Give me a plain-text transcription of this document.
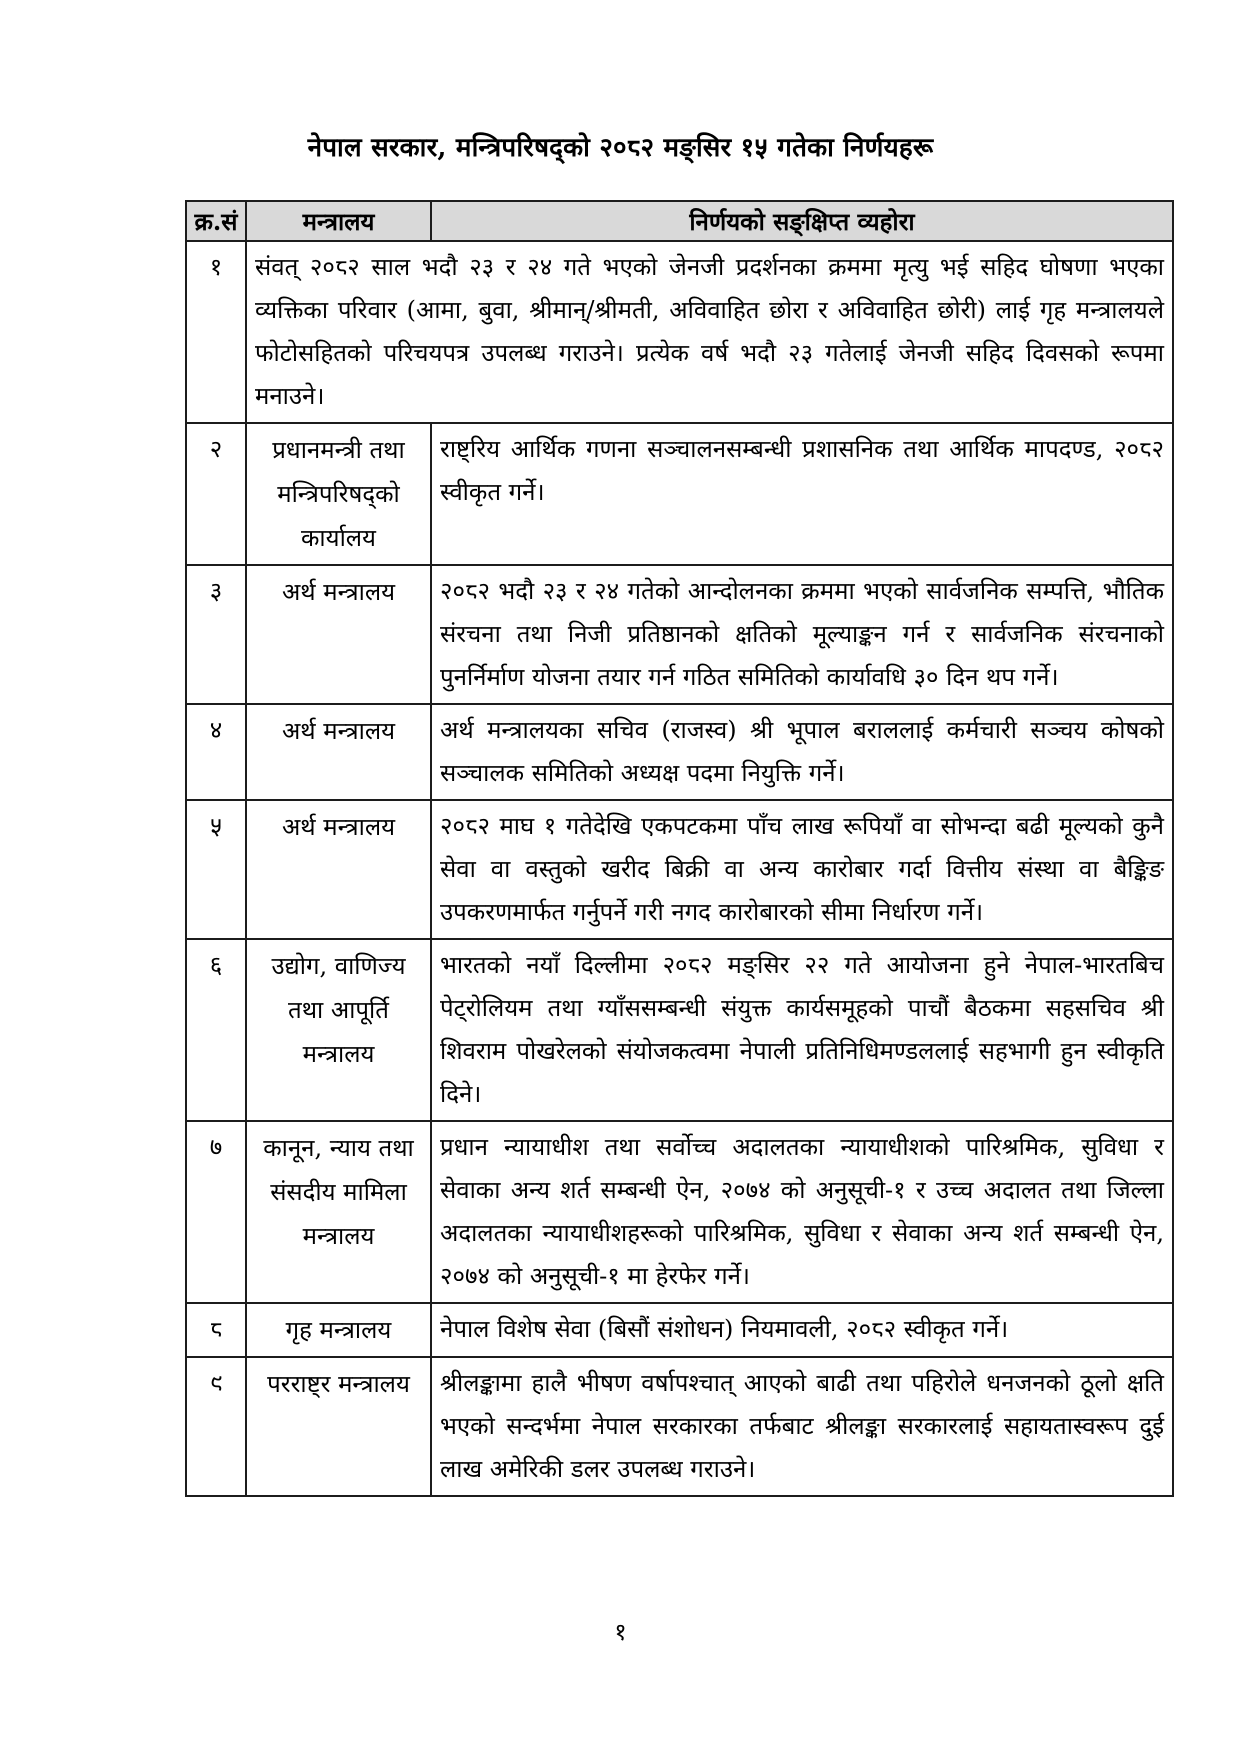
नेपाल सरकार, मन्त्रिपरिषद्को २०८२ मङ्सिर १५ गतेका निर्णयहरू
क्र.सं	मन्त्रालय	निर्णयको सङ्क्षिप्त व्यहोरा
१	संवत् २०८२ साल भदौ २३ र २४ गते भएको जेनजी प्रदर्शनका क्रममा मृत्यु भई सहिद घोषणा भएका व्यक्तिका परिवार (आमा, बुवा, श्रीमान्/श्रीमती, अविवाहित छोरा र अविवाहित छोरी) लाई गृह मन्त्रालयले फोटोसहितको परिचयपत्र उपलब्ध गराउने। प्रत्येक वर्ष भदौ २३ गतेलाई जेनजी सहिद दिवसको रूपमा मनाउने।	
२	प्रधानमन्त्री तथा मन्त्रिपरिषद्को कार्यालय	राष्ट्रिय आर्थिक गणना सञ्चालनसम्बन्धी प्रशासनिक तथा आर्थिक मापदण्ड, २०८२ स्वीकृत गर्ने।
३	अर्थ मन्त्रालय	२०८२ भदौ २३ र २४ गतेको आन्दोलनका क्रममा भएको सार्वजनिक सम्पत्ति, भौतिक संरचना तथा निजी प्रतिष्ठानको क्षतिको मूल्याङ्कन गर्न र सार्वजनिक संरचनाको पुनर्निर्माण योजना तयार गर्न गठित समितिको कार्यावधि ३० दिन थप गर्ने।
४	अर्थ मन्त्रालय	अर्थ मन्त्रालयका सचिव (राजस्व) श्री भूपाल बराललाई कर्मचारी सञ्चय कोषको सञ्चालक समितिको अध्यक्ष पदमा नियुक्ति गर्ने।
५	अर्थ मन्त्रालय	२०८२ माघ १ गतेदेखि एकपटकमा पाँच लाख रूपियाँ वा सोभन्दा बढी मूल्यको कुनै सेवा वा वस्तुको खरीद बिक्री वा अन्य कारोबार गर्दा वित्तीय संस्था वा बैङ्किङ उपकरणमार्फत गर्नुपर्ने गरी नगद कारोबारको सीमा निर्धारण गर्ने।
६	उद्योग, वाणिज्य तथा आपूर्ति मन्त्रालय	भारतको नयाँ दिल्लीमा २०८२ मङ्सिर २२ गते आयोजना हुने नेपाल-भारतबिच पेट्रोलियम तथा ग्याँससम्बन्धी संयुक्त कार्यसमूहको पाचौं बैठकमा सहसचिव श्री शिवराम पोखरेलको संयोजकत्वमा नेपाली प्रतिनिधिमण्डललाई सहभागी हुन स्वीकृति दिने।
७	कानून, न्याय तथा संसदीय मामिला मन्त्रालय	प्रधान न्यायाधीश तथा सर्वोच्च अदालतका न्यायाधीशको पारिश्रमिक, सुविधा र सेवाका अन्य शर्त सम्बन्धी ऐन, २०७४ को अनुसूची-१ र उच्च अदालत तथा जिल्ला अदालतका न्यायाधीशहरूको पारिश्रमिक, सुविधा र सेवाका अन्य शर्त सम्बन्धी ऐन, २०७४ को अनुसूची-१ मा हेरफेर गर्ने।
८	गृह मन्त्रालय	नेपाल विशेष सेवा (बिसौं संशोधन) नियमावली, २०८२ स्वीकृत गर्ने।
९	परराष्ट्र मन्त्रालय	श्रीलङ्कामा हालै भीषण वर्षापश्चात् आएको बाढी तथा पहिरोले धनजनको ठूलो क्षति भएको सन्दर्भमा नेपाल सरकारका तर्फबाट श्रीलङ्का सरकारलाई सहायतास्वरूप दुई लाख अमेरिकी डलर उपलब्ध गराउने।
१
